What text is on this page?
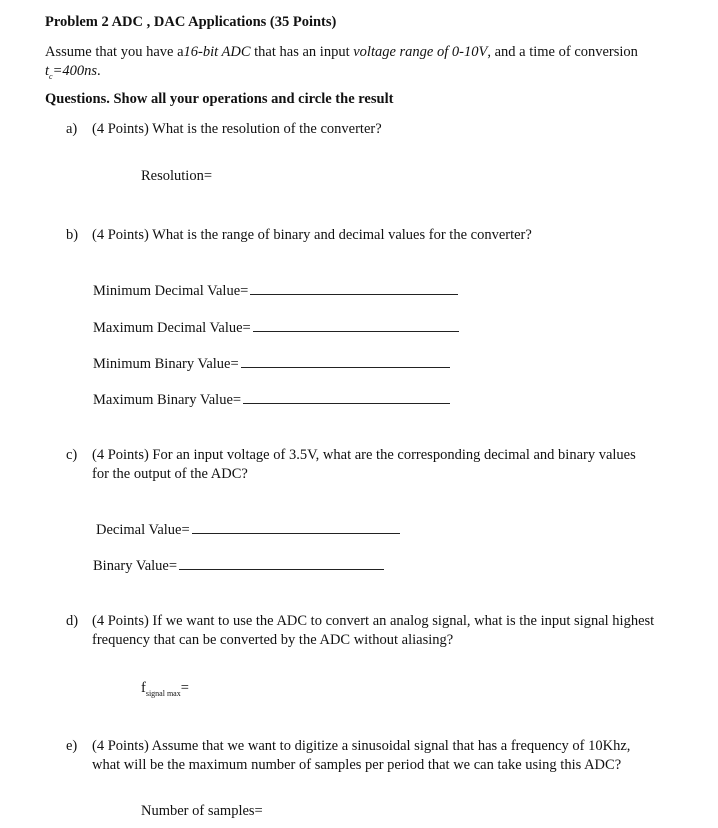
Problem 2 ADC , DAC Applications (35 Points)
Assume that you have a16-bit ADC that has an input voltage range of 0-10V, and a time of conversion
$t_c=400ns$.
Questions. Show all your operations and circle the result
a) (4 Points) What is the resolution of the converter?
Resolution=
b) (4 Points) What is the range of binary and decimal values for the converter?
Minimum Decimal Value=
Maximum Decimal Value=
Minimum Binary Value=
Maximum Binary Value=
c) (4 Points) For an input voltage of 3.5V, what are the corresponding decimal and binary values
for the output of the ADC?
Decimal Value=
Binary Value=
d) (4 Points) If we want to use the ADC to convert an analog signal, what is the input signal highest
frequency that can be converted by the ADC without aliasing?
$f_{signal max}=$
e) (4 Points) Assume that we want to digitize a sinusoidal signal that has a frequency of 10Khz,
what will be the maximum number of samples per period that we can take using this ADC?
Number of samples=
